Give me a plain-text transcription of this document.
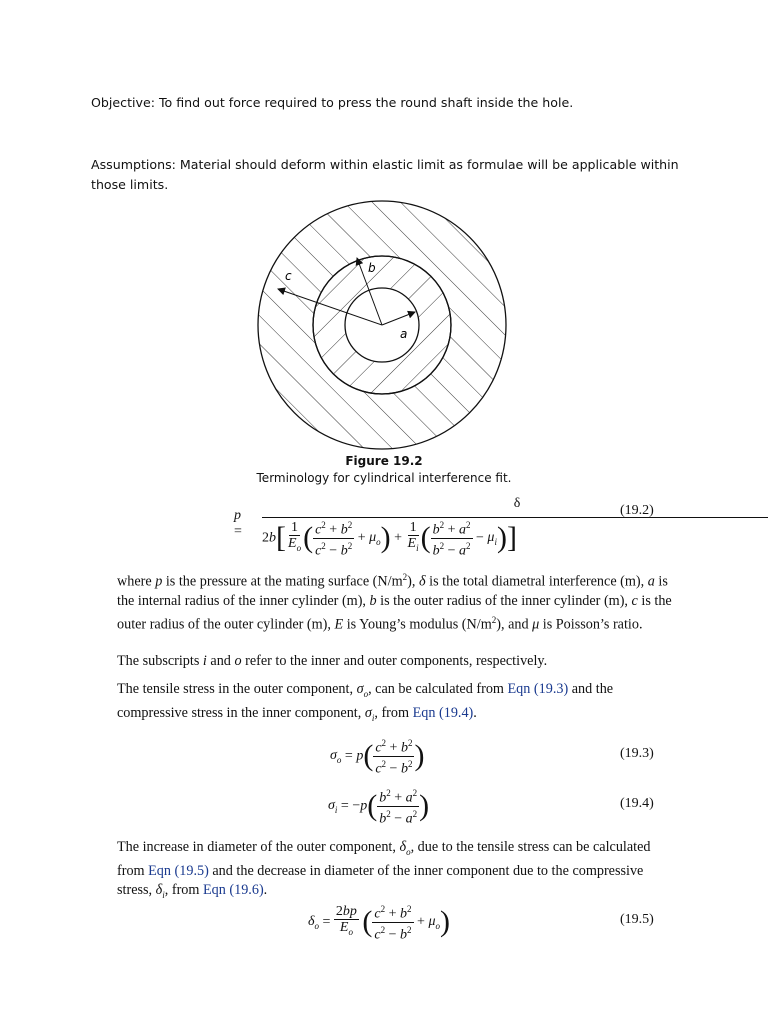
Objective: To find out force required to press the round shaft inside the hole.
Assumptions: Material should deform within elastic limit as formulae will be applicable within those limits.
c
b
a
Figure 19.2
Terminology for cylindrical interference fit.
p =
δ
$2b[ \frac{1}{E_o}$ ( $\frac{c^2 + b^2}{c^2 - b^2} + \mu_o) + \frac{1}{E_i}$ ( $\frac{b^2 + a^2}{b^2 - a^2} - \mu_i$)]
(19.2)
where p is the pressure at the mating surface $(N/m^2)$, δ is the total diametral interference (m), a is the internal radius of the inner cylinder (m), b is the outer radius of the inner cylinder (m), c is the outer radius of the outer cylinder (m), E is Young’s modulus $(N/m^2)$, and μ is Poisson’s ratio.
The subscripts i and o refer to the inner and outer components, respectively.
The tensile stress in the outer component, $\sigma_o$, can be calculated from Eqn (19.3) and the compressive stress in the inner component, $\sigma_i$, from Eqn (19.4).
$\sigma_o = p( \frac{c^2 + b^2}{c^2 - b^2}$ )	(19.3)
$\sigma_i = -p( \frac{b^2 + a^2}{b^2 - a^2}$ )	(19.4)
The increase in diameter of the outer component, $\delta_o$, due to the tensile stress can be calculated from Eqn (19.5) and the decrease in diameter of the inner component due to the compressive stress, $\delta_i$, from Eqn (19.6).
$\delta_o = \frac{2bp}{E_o}$ ( $\frac{c^2 + b^2}{c^2 - b^2} + \mu_o$)	(19.5)
